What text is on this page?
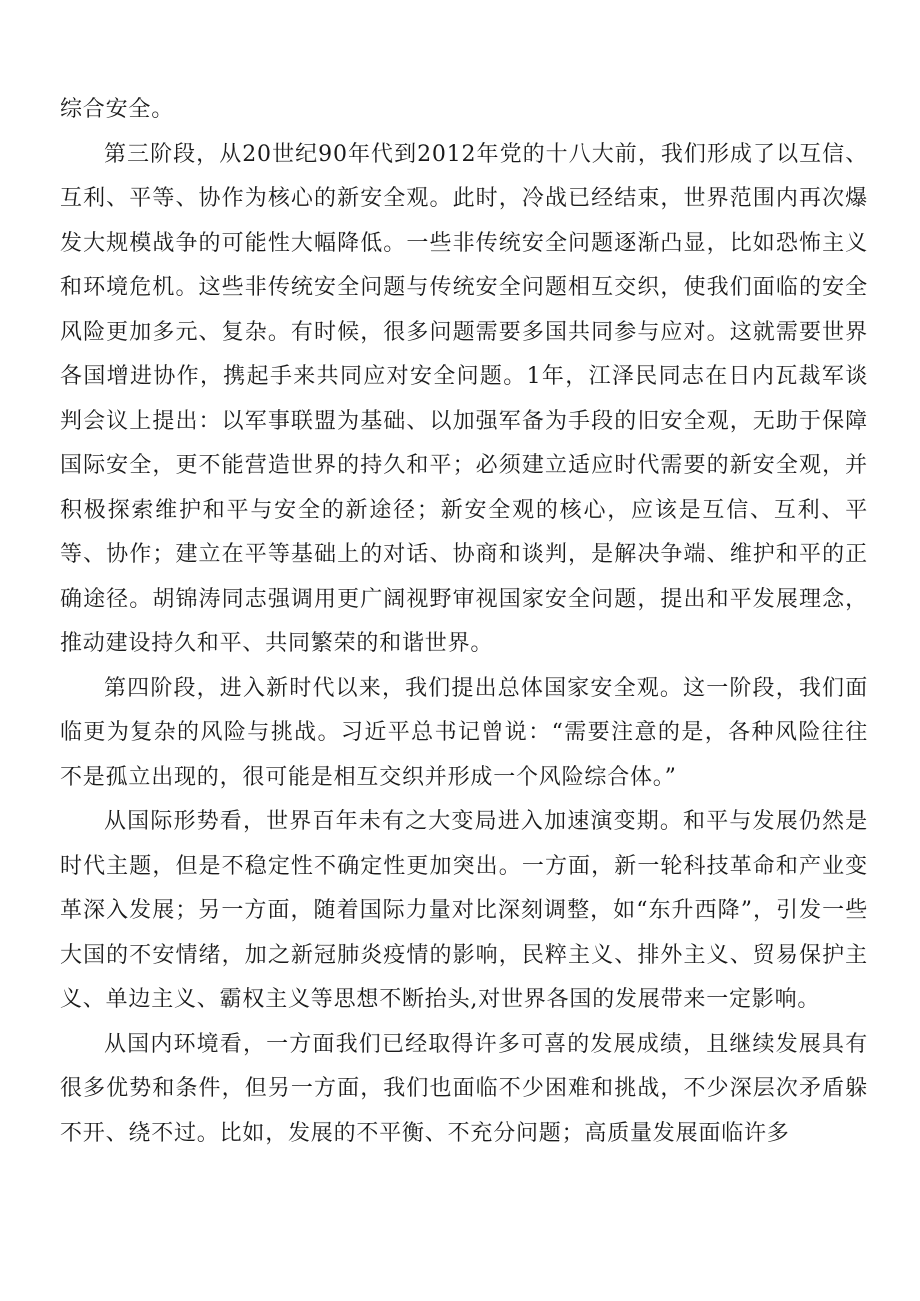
综合安全。

第三阶段，从20世纪90年代到2012年党的十八大前，我们形成了以互信、互利、平等、协作为核心的新安全观。此时，冷战已经结束，世界范围内再次爆发大规模战争的可能性大幅降低。一些非传统安全问题逐渐凸显，比如恐怖主义和环境危机。这些非传统安全问题与传统安全问题相互交织，使我们面临的安全风险更加多元、复杂。有时候，很多问题需要多国共同参与应对。这就需要世界各国增进协作，携起手来共同应对安全问题。1年，江泽民同志在日内瓦裁军谈判会议上提出：以军事联盟为基础、以加强军备为手段的旧安全观，无助于保障国际安全，更不能营造世界的持久和平；必须建立适应时代需要的新安全观，并积极探索维护和平与安全的新途径；新安全观的核心，应该是互信、互利、平等、协作；建立在平等基础上的对话、协商和谈判，是解决争端、维护和平的正确途径。胡锦涛同志强调用更广阔视野审视国家安全问题，提出和平发展理念，推动建设持久和平、共同繁荣的和谐世界。

第四阶段，进入新时代以来，我们提出总体国家安全观。这一阶段，我们面临更为复杂的风险与挑战。习近平总书记曾说：“需要注意的是，各种风险往往不是孤立出现的，很可能是相互交织并形成一个风险综合体。”

从国际形势看，世界百年未有之大变局进入加速演变期。和平与发展仍然是时代主题，但是不稳定性不确定性更加突出。一方面，新一轮科技革命和产业变革深入发展；另一方面，随着国际力量对比深刻调整，如“东升西降”，引发一些大国的不安情绪，加之新冠肺炎疫情的影响，民粹主义、排外主义、贸易保护主义、单边主义、霸权主义等思想不断抬头,对世界各国的发展带来一定影响。

从国内环境看，一方面我们已经取得许多可喜的发展成绩，且继续发展具有很多优势和条件，但另一方面，我们也面临不少困难和挑战，不少深层次矛盾躲不开、绕不过。比如，发展的不平衡、不充分问题；高质量发展面临许多
